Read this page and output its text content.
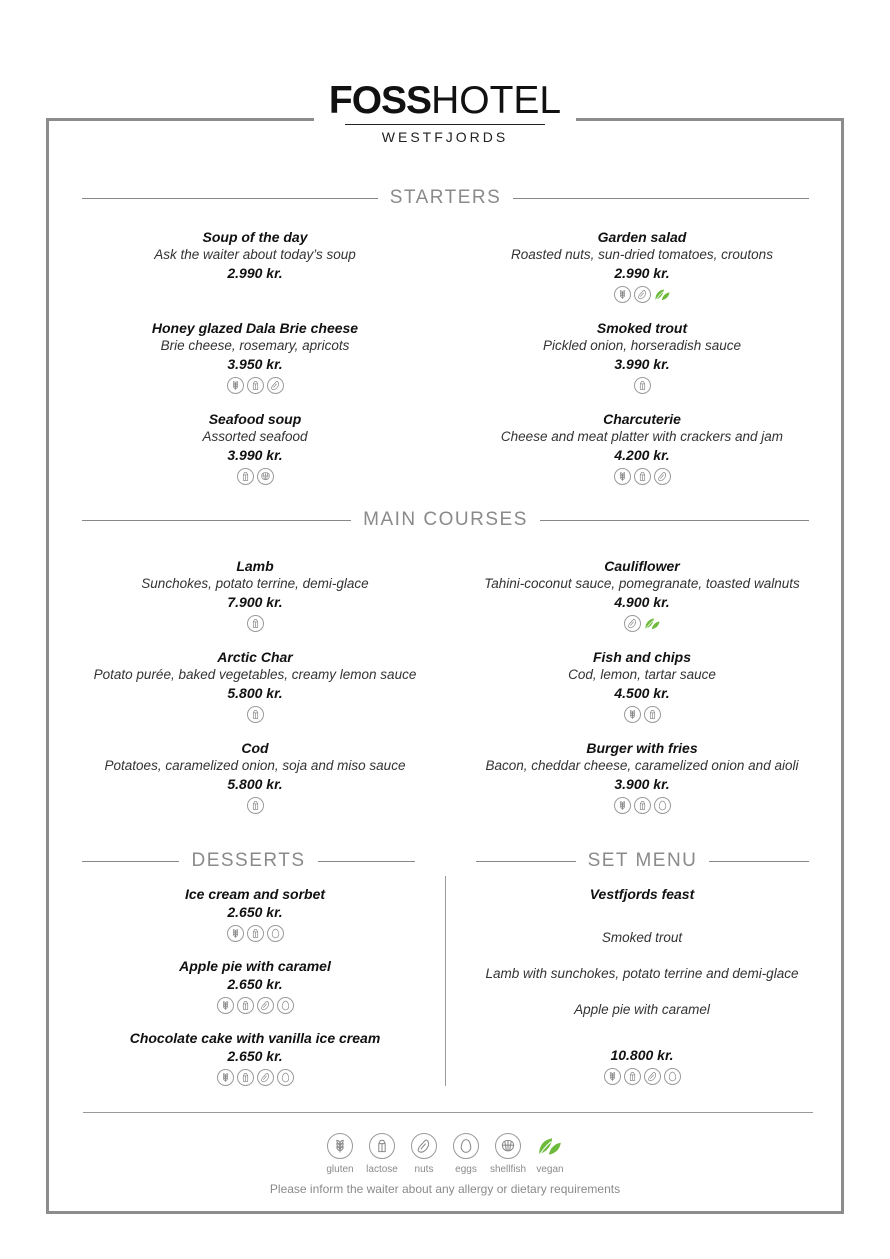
FOSSHOTEL
WESTFJORDS
STARTERS
Soup of the day
Ask the waiter about today’s soup
2.990 kr.
Honey glazed Dala Brie cheese
Brie cheese, rosemary, apricots
3.950 kr.
Seafood soup
Assorted seafood
3.990 kr.
Garden salad
Roasted nuts, sun-dried tomatoes, croutons
2.990 kr.
Smoked trout
Pickled onion, horseradish sauce
3.990 kr.
Charcuterie
Cheese and meat platter with crackers and jam
4.200 kr.
MAIN COURSES
Lamb
Sunchokes, potato terrine, demi-glace
7.900 kr.
Arctic Char
Potato purée, baked vegetables, creamy lemon sauce
5.800 kr.
Cod
Potatoes, caramelized onion, soja and miso sauce
5.800 kr.
Cauliflower
Tahini-coconut sauce, pomegranate, toasted walnuts
4.900 kr.
Fish and chips
Cod, lemon, tartar sauce
4.500 kr.
Burger with fries
Bacon, cheddar cheese, caramelized onion and aioli
3.900 kr.
DESSERTS	SET MENU
Ice cream and sorbet
2.650 kr.
Apple pie with caramel
2.650 kr.
Chocolate cake with vanilla ice cream
2.650 kr.
Vestfjords feast
Smoked trout
Lamb with sunchokes, potato terrine and demi-glace
Apple pie with caramel
10.800 kr.
gluten lactose nuts eggs shellfish vegan
Please inform the waiter about any allergy or dietary requirements
